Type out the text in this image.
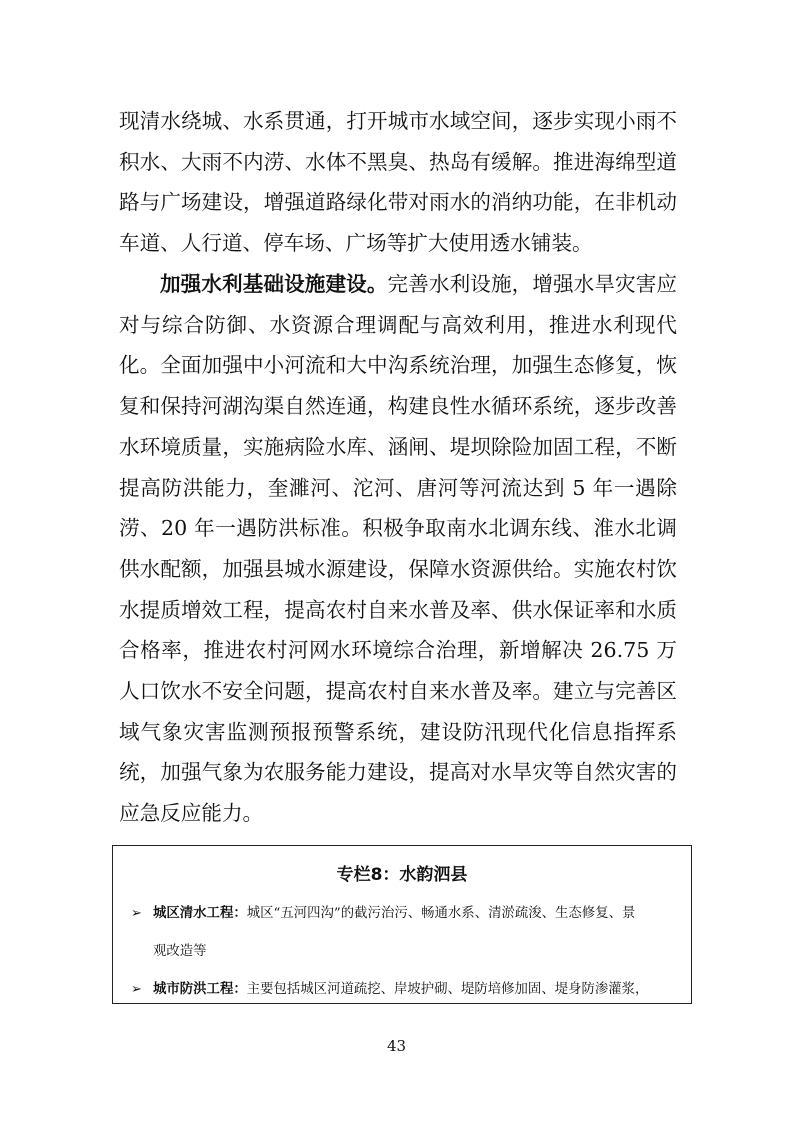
现清水绕城、水系贯通，打开城市水域空间，逐步实现小雨不积水、大雨不内涝、水体不黑臭、热岛有缓解。推进海绵型道路与广场建设，增强道路绿化带对雨水的消纳功能，在非机动车道、人行道、停车场、广场等扩大使用透水铺装。

加强水利基础设施建设。完善水利设施，增强水旱灾害应对与综合防御、水资源合理调配与高效利用，推进水利现代化。全面加强中小河流和大中沟系统治理，加强生态修复，恢复和保持河湖沟渠自然连通，构建良性水循环系统，逐步改善水环境质量，实施病险水库、涵闸、堤坝除险加固工程，不断提高防洪能力，奎濉河、沱河、唐河等河流达到 5 年一遇除涝、20 年一遇防洪标准。积极争取南水北调东线、淮水北调供水配额，加强县城水源建设，保障水资源供给。实施农村饮水提质增效工程，提高农村自来水普及率、供水保证率和水质合格率，推进农村河网水环境综合治理，新增解决 26.75 万人口饮水不安全问题，提高农村自来水普及率。建立与完善区域气象灾害监测预报预警系统，建设防汛现代化信息指挥系统，加强气象为农服务能力建设，提高对水旱灾等自然灾害的应急反应能力。

专栏8：水韵泗县
➢ 城区清水工程：城区“五河四沟”的截污治污、畅通水系、清淤疏浚、生态修复、景
观改造等
➢ 城市防洪工程：主要包括城区河道疏挖、岸坡护砌、堤防培修加固、堤身防渗灌浆，
43
